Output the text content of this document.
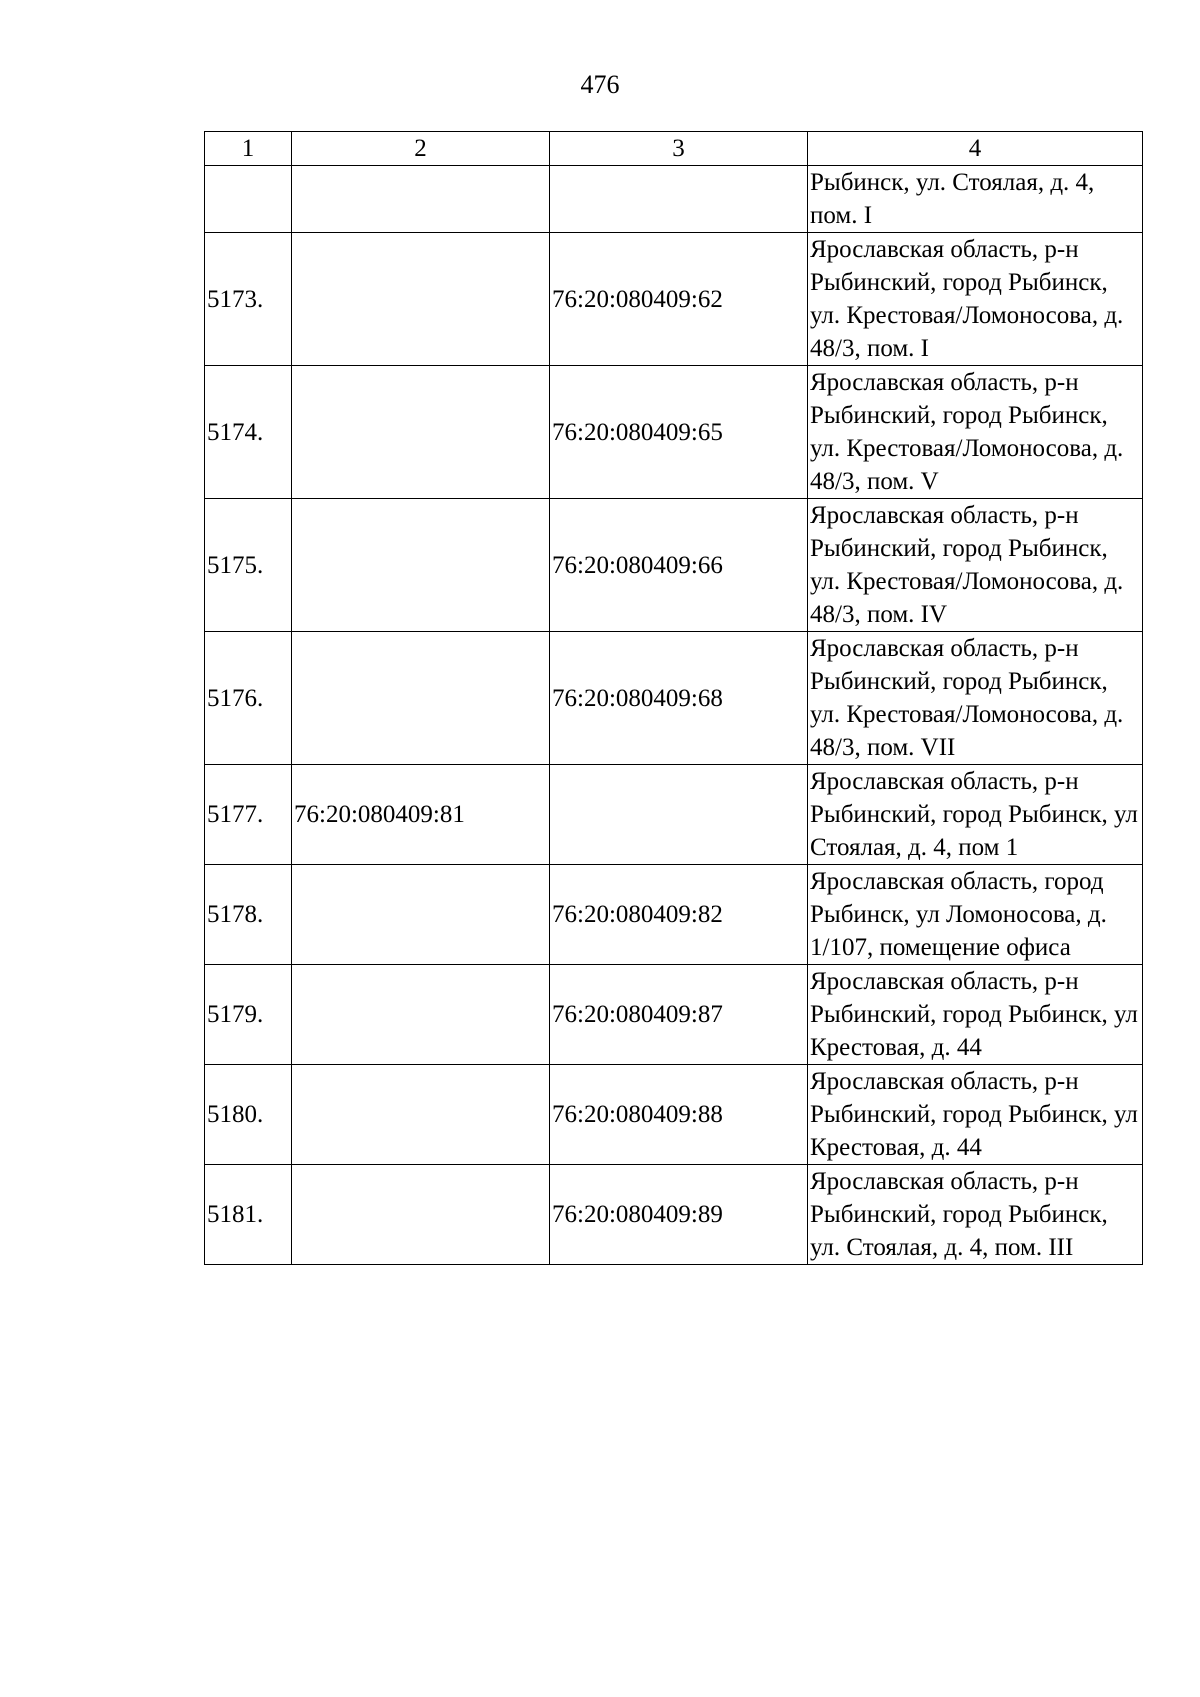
476
1	2	3	4
			Рыбинск, ул. Стоялая, д. 4, пом. I
5173.		76:20:080409:62	Ярославская область, р-н Рыбинский, город Рыбинск, ул. Крестовая/Ломоносова, д. 48/3, пом. I
5174.		76:20:080409:65	Ярославская область, р-н Рыбинский, город Рыбинск, ул. Крестовая/Ломоносова, д. 48/3, пом. V
5175.		76:20:080409:66	Ярославская область, р-н Рыбинский, город Рыбинск, ул. Крестовая/Ломоносова, д. 48/3, пом. IV
5176.		76:20:080409:68	Ярославская область, р-н Рыбинский, город Рыбинск, ул. Крестовая/Ломоносова, д. 48/3, пом. VII
5177.	76:20:080409:81		Ярославская область, р-н Рыбинский, город Рыбинск, ул Стоялая, д. 4, пом 1
5178.		76:20:080409:82	Ярославская область, город Рыбинск, ул Ломоносова, д. 1/107, помещение офиса
5179.		76:20:080409:87	Ярославская область, р-н Рыбинский, город Рыбинск, ул Крестовая, д. 44
5180.		76:20:080409:88	Ярославская область, р-н Рыбинский, город Рыбинск, ул Крестовая, д. 44
5181.		76:20:080409:89	Ярославская область, р-н Рыбинский, город Рыбинск, ул. Стоялая, д. 4, пом. III
